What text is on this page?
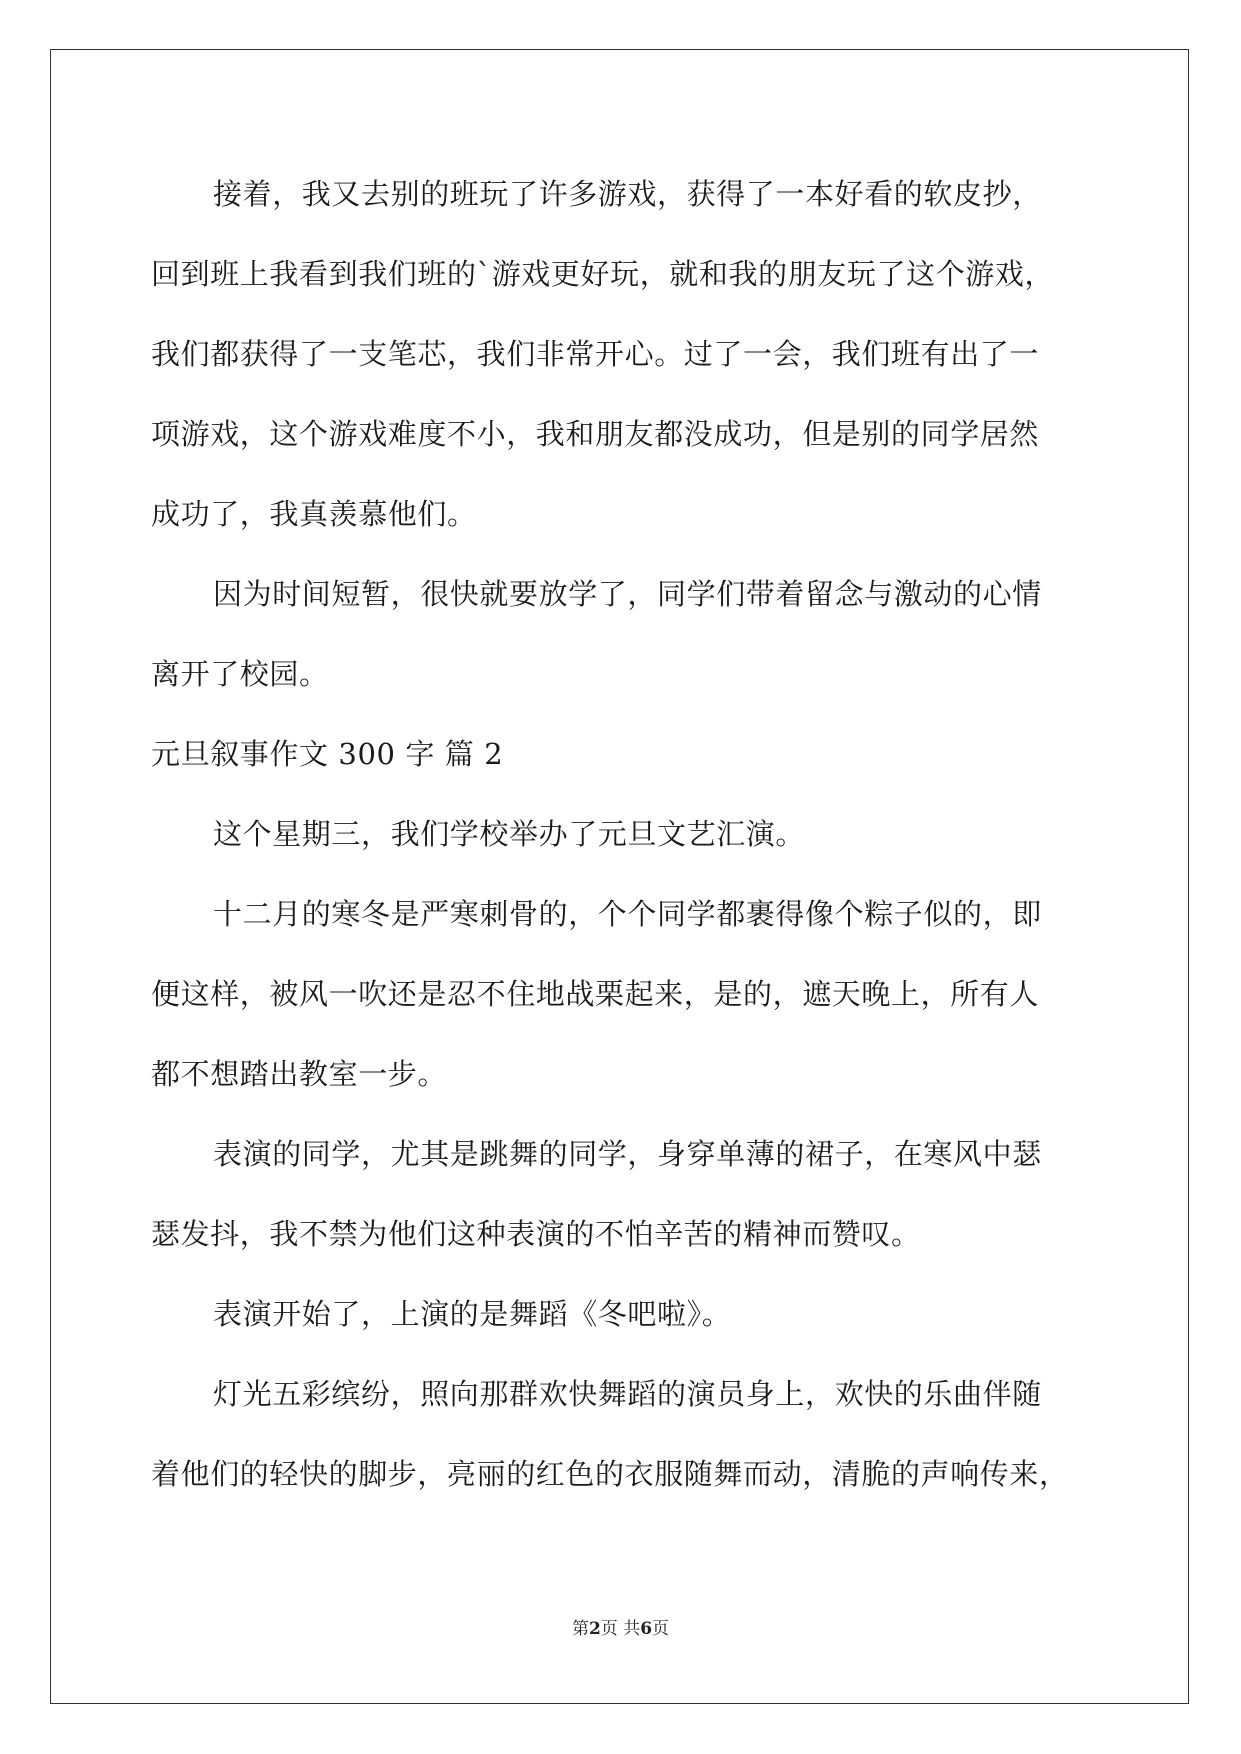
接着，我又去别的班玩了许多游戏，获得了一本好看的软皮抄，
回到班上我看到我们班的`游戏更好玩，就和我的朋友玩了这个游戏，
我们都获得了一支笔芯，我们非常开心。过了一会，我们班有出了一
项游戏，这个游戏难度不小，我和朋友都没成功，但是别的同学居然
成功了，我真羡慕他们。
因为时间短暂，很快就要放学了，同学们带着留念与激动的心情
离开了校园。
元旦叙事作文 300 字 篇 2
这个星期三，我们学校举办了元旦文艺汇演。
十二月的寒冬是严寒刺骨的，个个同学都裹得像个粽子似的，即
便这样，被风一吹还是忍不住地战栗起来，是的，遮天晚上，所有人
都不想踏出教室一步。
表演的同学，尤其是跳舞的同学，身穿单薄的裙子，在寒风中瑟
瑟发抖，我不禁为他们这种表演的不怕辛苦的精神而赞叹。
表演开始了，上演的是舞蹈《冬吧啦》。
灯光五彩缤纷，照向那群欢快舞蹈的演员身上，欢快的乐曲伴随
着他们的轻快的脚步，亮丽的红色的衣服随舞而动，清脆的声响传来，
第2页 共6页
